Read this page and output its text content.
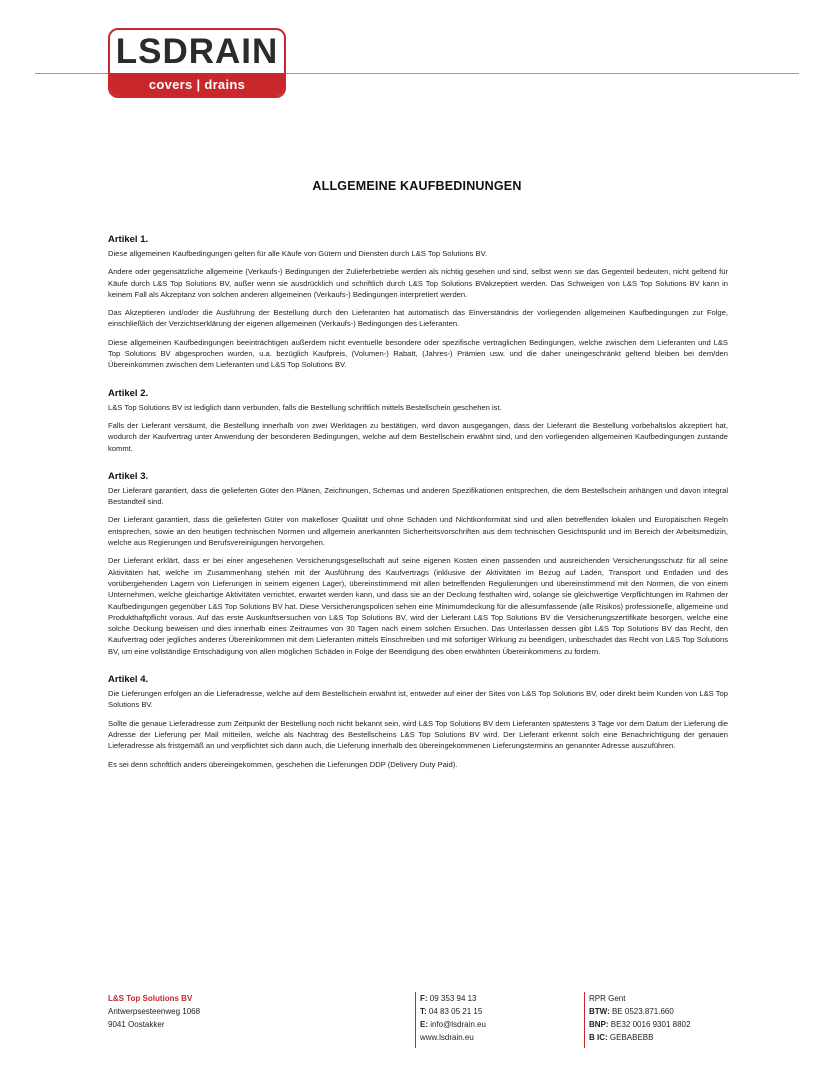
LSDRAIN
covers | drains
ALLGEMEINE KAUFBEDINUNGEN
Artikel 1.

Diese allgemeinen Kaufbedingungen gelten für alle Käufe von Gütern und Diensten durch L&S Top Solutions BV.

Andere oder gegensätzliche allgemeine (Verkaufs-) Bedingungen der Zulieferbetriebe werden als nichtig gesehen und sind, selbst wenn sie das Gegenteil bedeuten, nicht geltend für Käufe durch L&S Top Solutions BV, außer wenn sie ausdrücklich und schriftlich durch L&S Top Solutions BVakzeptiert werden. Das Schweigen von L&S Top Solutions BV kann in keinem Fall als Akzeptanz von solchen anderen allgemeinen (Verkaufs-) Bedingungen interpretiert werden.

Das Akzeptieren und/oder die Ausführung der Bestellung durch den Lieferanten hat automatisch das Einverständnis der vorliegenden allgemeinen Kaufbedingungen zur Folge, einschließlich der Verzichtserklärung der eigenen allgemeinen (Verkaufs-) Bedingungen des Lieferanten.

Diese allgemeinen Kaufbedingungen beeinträchtigen außerdem nicht eventuelle besondere oder spezifische vertraglichen Bedingungen, welche zwischen dem Lieferanten und L&S Top Solutions BV abgesprochen wurden, u.a. bezüglich Kaufpreis, (Volumen-) Rabatt, (Jahres-) Prämien usw. und die daher uneingeschränkt geltend bleiben bei dem/den Übereinkommen zwischen dem Lieferanten und L&S Top Solutions BV.

Artikel 2.

L&S Top Solutions BV ist lediglich dann verbunden, falls die Bestellung schriftlich mittels Bestellschein geschehen ist.

Falls der Lieferant versäumt, die Bestellung innerhalb von zwei Werktagen zu bestätigen, wird davon ausgegangen, dass der Lieferant die Bestellung vorbehaltslos akzeptiert hat, wodurch der Kaufvertrag unter Anwendung der besonderen Bedingungen, welche auf dem Bestellschein erwähnt sind, und den vorliegenden allgemeinen Kaufbedingungen zustande kommt.

Artikel 3.

Der Lieferant garantiert, dass die gelieferten Güter den Plänen, Zeichnungen, Schemas und anderen Spezifikationen entsprechen, die dem Bestellschein anhängen und davon integral Bestandteil sind.

Der Lieferant garantiert, dass die gelieferten Güter von makelloser Qualität und ohne Schäden und Nichtkonformität sind und allen betreffenden lokalen und Europäischen Regeln entsprechen, sowie an den heutigen technischen Normen und allgemein anerkannten Sicherheitsvorschriften aus dem technischen Gesichtspunkt und im Bereich der Arbeitsmedizin, welche aus Regierungen und Berufsvereinigungen hervorgehen.

Der Lieferant erklärt, dass er bei einer angesehenen Versicherungsgesellschaft auf seine eigenen Kosten einen passenden und ausreichenden Versicherungsschutz für all seine Aktivitäten hat, welche im Zusammenhang stehen mit der Ausführung des Kaufvertrags (inklusive der Aktivitäten im Bezug auf Laden, Transport und Entladen und des vorübergehenden Lagern von Lieferungen in seinem eigenen Lager), übereinstimmend mit allen betreffenden Regulierungen und übereinstimmend mit den Normen, die von einem Unternehmen, welche gleichartige Aktivitäten verrichtet, erwartet werden kann, und dass sie an der Deckung festhalten wird, solange sie gleichwertige Verpflichtungen im Rahmen der Kaufbedingungen gegenüber L&S Top Solutions BV hat. Diese Versicherungspolicen sehen eine Minimumdeckung für die allesumfassende (alle Risikos) professionelle, allgemeine und Produkthaftpflicht voraus. Auf das erste Auskunftsersuchen von L&S Top Solutions BV, wird der Lieferant L&S Top Solutions BV die Versicherungszertifikate besorgen, welche eine solche Deckung beweisen und dies innerhalb eines Zeitraumes von 30 Tagen nach einem solchen Ersuchen. Das Unterlassen dessen gibt L&S Top Solutions BV das Recht, den Kaufvertrag oder jegliches anderes Übereinkommen mit dem Lieferanten mittels Einschreiben und mit sofortiger Wirkung zu beendigen, unbeschadet das Recht von L&S Top Solutions BV, um eine vollständige Entschädigung von allen möglichen Schäden in Folge der Beendigung des oben erwähnten Übereinkommens zu fordern.

Artikel 4.

Die Lieferungen erfolgen an die Lieferadresse, welche auf dem Bestellschein erwähnt ist, entweder auf einer der Sites von L&S Top Solutions BV, oder direkt beim Kunden von L&S Top Solutions BV.

Sollte die genaue Lieferadresse zum Zeitpunkt der Bestellung noch nicht bekannt sein, wird L&S Top Solutions BV dem Lieferanten spätestens 3 Tage vor dem Datum der Lieferung die Adresse der Lieferung per Mail mitteilen, welche als Nachtrag des Bestellscheins L&S Top Solutions BV wird. Der Lieferant erkennt solch eine Benachrichtigung der genauen Lieferadresse als fristgemäß an und verpflichtet sich dann auch, die Lieferung innerhalb des übereingekommenen Lieferungstermins an genannter Adresse auszuführen.

Es sei denn schriftlich anders übereingekommen, geschehen die Lieferungen DDP (Delivery Duty Paid).

L&S Top Solutions BV
Antwerpsesteenweg 1068
9041 Oostakker
F: 09 353 94 13
T: 04 83 05 21 15
E: info@lsdrain.eu
www.lsdrain.eu
RPR Gent
BTW: BE 0523.871.660
BNP: BE32 0016 9301 8802
B IC: GEBABEBB
